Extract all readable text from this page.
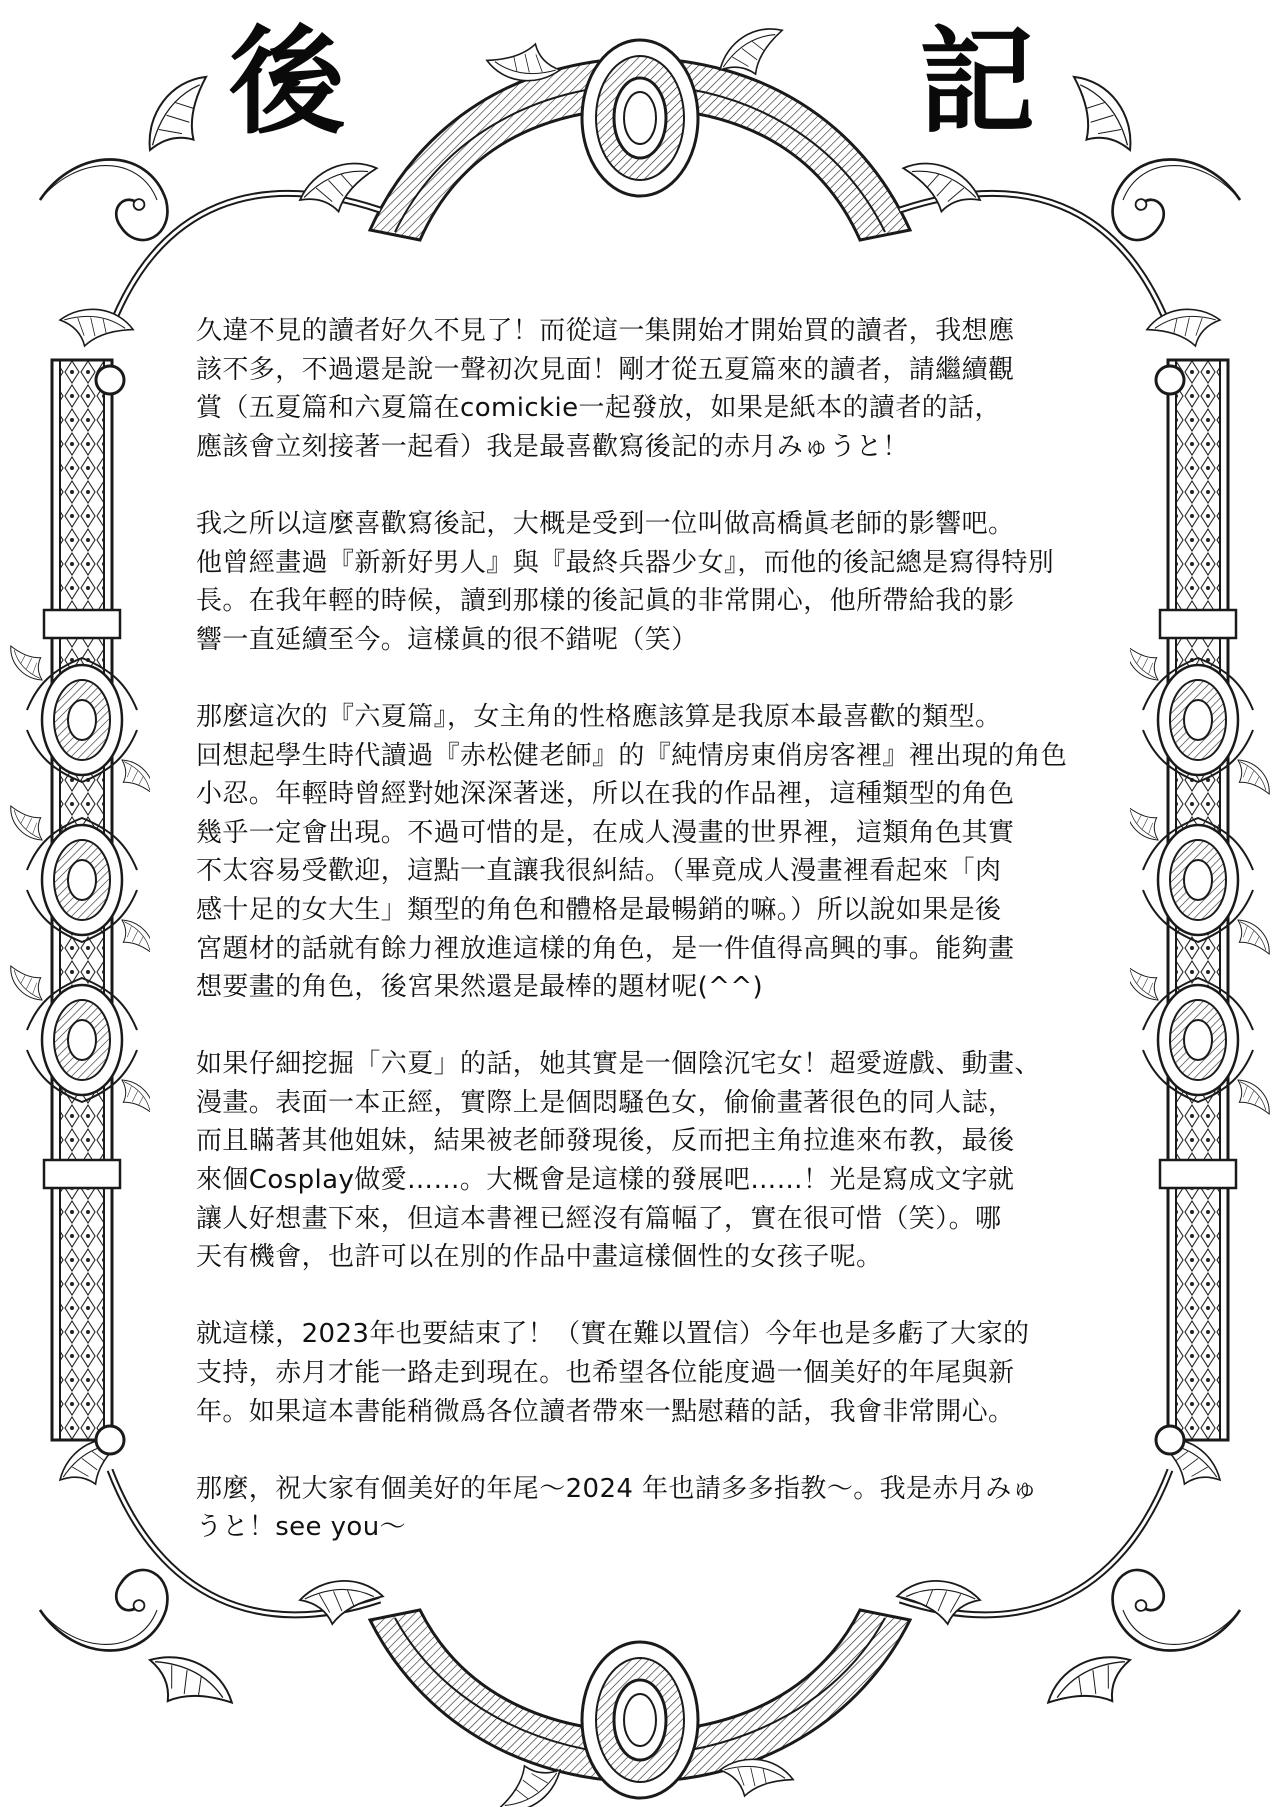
後	記
久違不見的讀者好久不見了！而從這一集開始才開始買的讀者，我想應
該不多，不過還是說一聲初次見面！剛才從五夏篇來的讀者，請繼續觀
賞（五夏篇和六夏篇在comickie一起發放，如果是紙本的讀者的話，
應該會立刻接著一起看）我是最喜歡寫後記的赤月みゅうと！
我之所以這麼喜歡寫後記，大概是受到一位叫做高橋眞老師的影響吧。
他曾經畫過『新新好男人』與『最終兵器少女』，而他的後記總是寫得特別
長。在我年輕的時候，讀到那樣的後記眞的非常開心，他所帶給我的影
響一直延續至今。這樣眞的很不錯呢（笑）
那麼這次的『六夏篇』，女主角的性格應該算是我原本最喜歡的類型。
回想起學生時代讀過『赤松健老師』的『純情房東俏房客裡』裡出現的角色
小忍。年輕時曾經對她深深著迷，所以在我的作品裡，這種類型的角色
幾乎一定會出現。不過可惜的是，在成人漫畫的世界裡，這類角色其實
不太容易受歡迎，這點一直讓我很糾結。（畢竟成人漫畫裡看起來「肉
感十足的女大生」類型的角色和體格是最暢銷的嘛。）所以說如果是後
宮題材的話就有餘力裡放進這樣的角色，是一件值得高興的事。能夠畫
想要畫的角色，後宮果然還是最棒的題材呢(^^)
如果仔細挖掘「六夏」的話，她其實是一個陰沉宅女！超愛遊戲、動畫、
漫畫。表面一本正經，實際上是個悶騷色女，偷偷畫著很色的同人誌，
而且瞞著其他姐妹，結果被老師發現後，反而把主角拉進來布教，最後
來個Cosplay做愛……。大概會是這樣的發展吧……！光是寫成文字就
讓人好想畫下來，但這本書裡已經沒有篇幅了，實在很可惜（笑）。哪
天有機會，也許可以在別的作品中畫這樣個性的女孩子呢。
就這樣，2023年也要結束了！（實在難以置信）今年也是多虧了大家的
支持，赤月才能一路走到現在。也希望各位能度過一個美好的年尾與新
年。如果這本書能稍微爲各位讀者帶來一點慰藉的話，我會非常開心。
那麼，祝大家有個美好的年尾～2024 年也請多多指教～。我是赤月みゅ
うと！see you～
